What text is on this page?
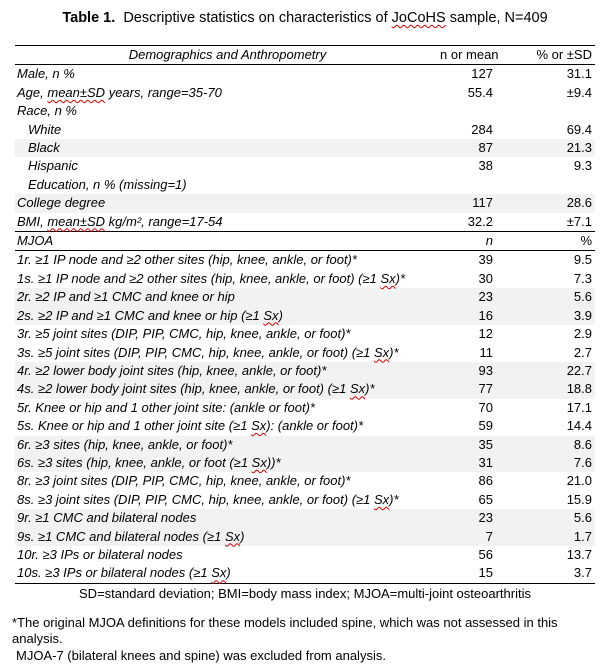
Table 1.  Descriptive statistics on characteristics of JoCoHS sample, N=409
Demographics and Anthropometry	n or mean	% or ±SD
Male, n %	127	31.1
Age, mean±SD years, range=35-70	55.4	±9.4
Race, n %		
White	284	69.4
Black	87	21.3
Hispanic	38	9.3
Education, n % (missing=1)		
College degree	117	28.6
BMI, mean±SD kg/m², range=17-54	32.2	±7.1
MJOA	n	%
1r. ≥1 IP node and ≥2 other sites (hip, knee, ankle, or foot)*	39	9.5
1s. ≥1 IP node and ≥2 other sites (hip, knee, ankle, or foot) (≥1 Sx)*	30	7.3
2r. ≥2 IP and ≥1 CMC and knee or hip	23	5.6
2s. ≥2 IP and ≥1 CMC and knee or hip (≥1 Sx)	16	3.9
3r. ≥5 joint sites (DIP, PIP, CMC, hip, knee, ankle, or foot)*	12	2.9
3s. ≥5 joint sites (DIP, PIP, CMC, hip, knee, ankle, or foot) (≥1 Sx)*	11	2.7
4r. ≥2 lower body joint sites (hip, knee, ankle, or foot)*	93	22.7
4s. ≥2 lower body joint sites (hip, knee, ankle, or foot) (≥1 Sx)*	77	18.8
5r. Knee or hip and 1 other joint site: (ankle or foot)*	70	17.1
5s. Knee or hip and 1 other joint site (≥1 Sx): (ankle or foot)*	59	14.4
6r. ≥3 sites (hip, knee, ankle, or foot)*	35	8.6
6s. ≥3 sites (hip, knee, ankle, or foot (≥1 Sx))*	31	7.6
8r. ≥3 joint sites (DIP, PIP, CMC, hip, knee, ankle, or foot)*	86	21.0
8s. ≥3 joint sites (DIP, PIP, CMC, hip, knee, ankle, or foot) (≥1 Sx)*	65	15.9
9r. ≥1 CMC and bilateral nodes	23	5.6
9s. ≥1 CMC and bilateral nodes (≥1 Sx)	7	1.7
10r. ≥3 IPs or bilateral nodes	56	13.7
10s. ≥3 IPs or bilateral nodes (≥1 Sx)	15	3.7
SD=standard deviation; BMI=body mass index; MJOA=multi-joint osteoarthritis
*The original MJOA definitions for these models included spine, which was not assessed in this analysis.
MJOA-7 (bilateral knees and spine) was excluded from analysis.
